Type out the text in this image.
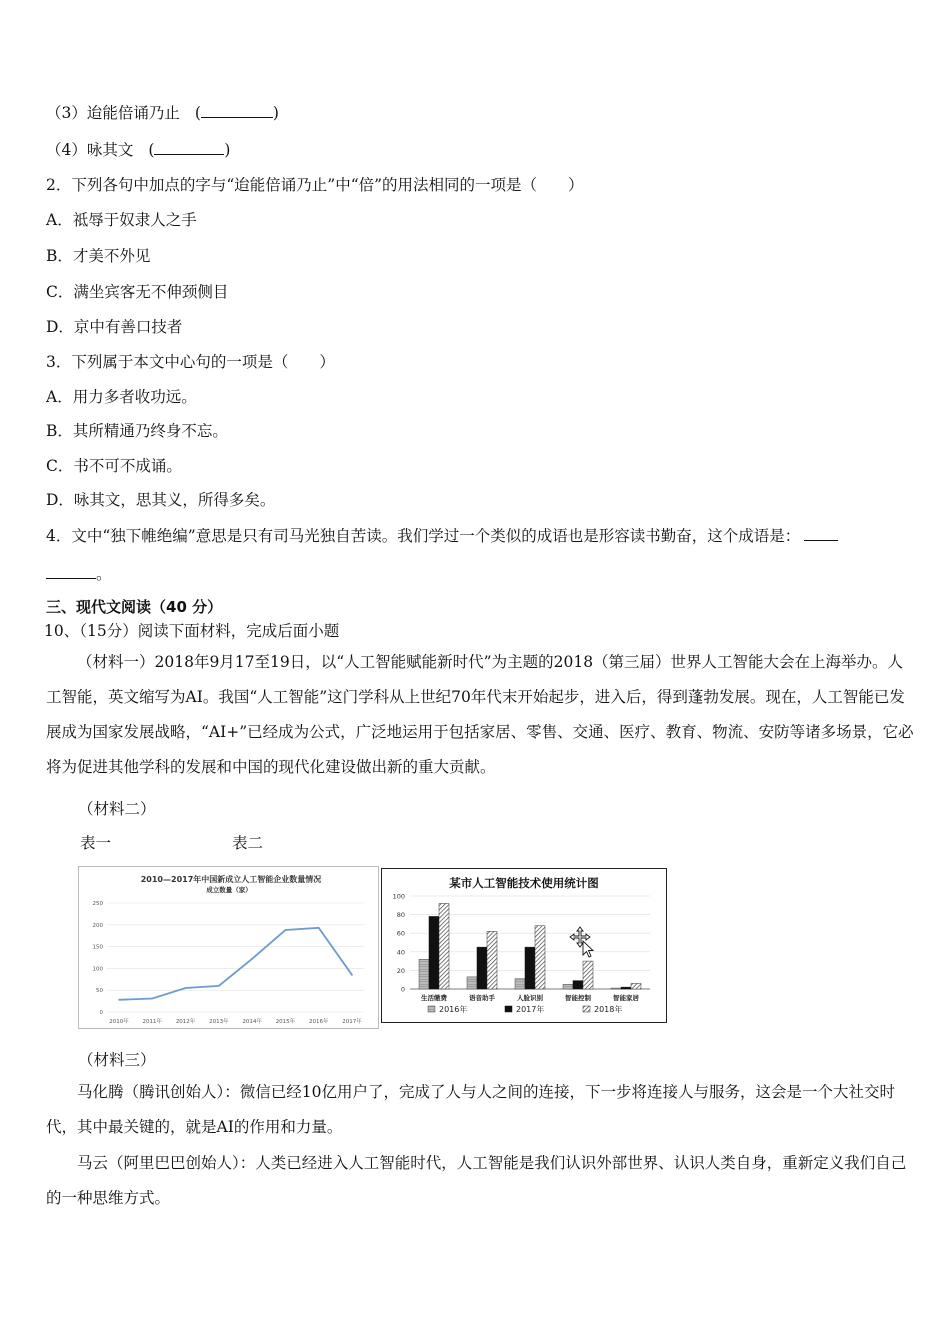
（3）迨能倍诵乃止 (	)
（4）咏其文 (	)
2．下列各句中加点的字与“迨能倍诵乃止”中“倍”的用法相同的一项是（　　）
A．祗辱于奴隶人之手
B．才美不外见
C．满坐宾客无不伸颈侧目
D．京中有善口技者
3．下列属于本文中心句的一项是（　　）
A．用力多者收功远。
B．其所精通乃终身不忘。
C．书不可不成诵。
D．咏其文，思其义，所得多矣。
4．文中“独下帷绝编”意思是只有司马光独自苦读。我们学过一个类似的成语也是形容读书勤奋，这个成语是：
。
三、现代文阅读（40 分）
10、（15分）阅读下面材料，完成后面小题
（材料一）2018年9月17至19日，以“人工智能赋能新时代”为主题的2018（第三届）世界人工智能大会在上海举办。人工智能，英文缩写为AI。我国“人工智能”这门学科从上世纪70年代末开始起步，进入后，得到蓬勃发展。现在，人工智能已发展成为国家发展战略，“AI+”已经成为公式，广泛地运用于包括家居、零售、交通、医疗、教育、物流、安防等诸多场景，它必将为促进其他学科的发展和中国的现代化建设做出新的重大贡献。
（材料二）
表一	表二
2010—2017年中国新成立人工智能企业数量情况
成立数量（家）
0
50
100
150
200
250
2010年	2011年	2012年	2013年	2014年	2015年	2016年	2017年
某市人工智能技术使用统计图
0
20
40
60
80
100
生活缴费	语音助手	人脸识别	智能控制	智能家居
2016年	2017年	2018年
（材料三）
马化腾（腾讯创始人）：微信已经10亿用户了，完成了人与人之间的连接，下一步将连接人与服务，这会是一个大社交时代，其中最关键的，就是AI的作用和力量。
马云（阿里巴巴创始人）：人类已经进入人工智能时代，人工智能是我们认识外部世界、认识人类自身，重新定义我们自己的一种思维方式。
